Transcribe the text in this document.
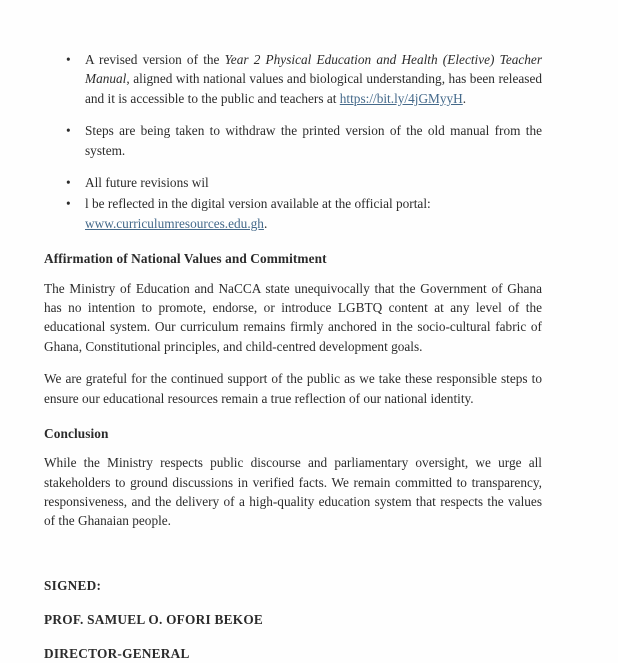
• A revised version of the Year 2 Physical Education and Health (Elective) Teacher Manual, aligned with national values and biological understanding, has been released and it is accessible to the public and teachers at https://bit.ly/4jGMyyH.
• Steps are being taken to withdraw the printed version of the old manual from the system.
• All future revisions wil
• l be reflected in the digital version available at the official portal: www.curriculumresources.edu.gh.
Affirmation of National Values and Commitment

The Ministry of Education and NaCCA state unequivocally that the Government of Ghana has no intention to promote, endorse, or introduce LGBTQ content at any level of the educational system. Our curriculum remains firmly anchored in the socio-cultural fabric of Ghana, Constitutional principles, and child-centred development goals.

We are grateful for the continued support of the public as we take these responsible steps to ensure our educational resources remain a true reflection of our national identity.

Conclusion

While the Ministry respects public discourse and parliamentary oversight, we urge all stakeholders to ground discussions in verified facts. We remain committed to transparency, responsiveness, and the delivery of a high-quality education system that respects the values of the Ghanaian people.

SIGNED:
PROF. SAMUEL O. OFORI BEKOE
DIRECTOR-GENERAL
